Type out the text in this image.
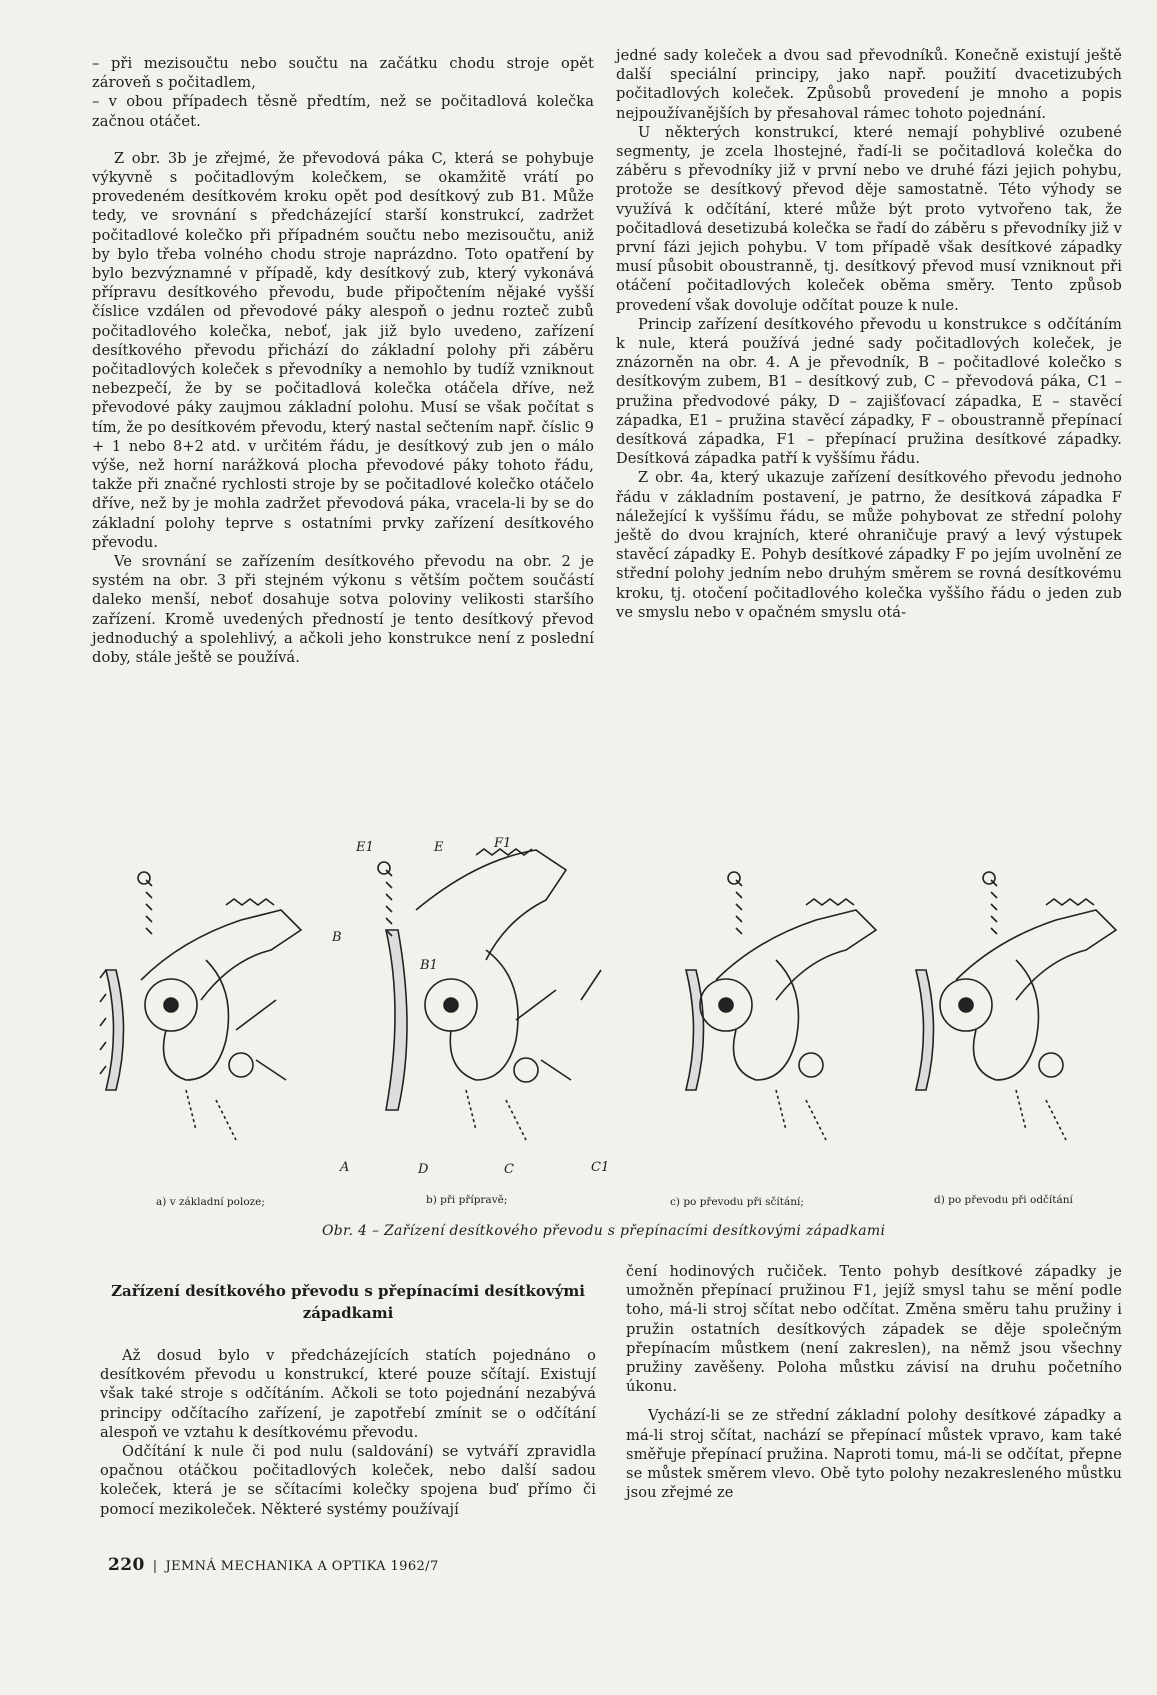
– při mezisoučtu nebo součtu na začátku chodu stroje opět zároveň s počitadlem,
– v obou případech těsně předtím, než se počitadlová kolečka začnou otáčet.

Z obr. 3b je zřejmé, že převodová páka C, která se pohybuje výkyvně s počitadlovým kolečkem, se okamžitě vrátí po provedeném desítkovém kroku opět pod desítkový zub B1. Může tedy, ve srovnání s předcházející starší konstrukcí, zadržet počitadlové kolečko při případném součtu nebo mezisoučtu, aniž by bylo třeba volného chodu stroje naprázdno. Toto opatření by bylo bezvýznamné v případě, kdy desítkový zub, který vykonává přípravu desítkového převodu, bude připočtením nějaké vyšší číslice vzdálen od převodové páky alespoň o jednu rozteč zubů počitadlového kolečka, neboť, jak již bylo uvedeno, zařízení desítkového převodu přichází do základní polohy při záběru počitadlových koleček s převodníky a nemohlo by tudíž vzniknout nebezpečí, že by se počitadlová kolečka otáčela dříve, než převodové páky zaujmou základní polohu. Musí se však počítat s tím, že po desítkovém převodu, který nastal sečtením např. číslic 9 + 1 nebo 8+2 atd. v určitém řádu, je desítkový zub jen o málo výše, než horní narážková plocha převodové páky tohoto řádu, takže při značné rychlosti stroje by se počitadlové kolečko otáčelo dříve, než by je mohla zadržet převodová páka, vracela-li by se do základní polohy teprve s ostatními prvky zařízení desítkového převodu.

Ve srovnání se zařízením desítkového převodu na obr. 2 je systém na obr. 3 při stejném výkonu s větším počtem součástí daleko menší, neboť dosahuje sotva poloviny velikosti staršího zařízení. Kromě uvedených předností je tento desítkový převod jednoduchý a spolehlivý, a ačkoli jeho konstrukce není z poslední doby, stále ještě se používá.

jedné sady koleček a dvou sad převodníků. Konečně existují ještě další speciální principy, jako např. použití dvacetizubých počitadlových koleček. Způsobů provedení je mnoho a popis nejpoužívanějších by přesahoval rámec tohoto pojednání.

U některých konstrukcí, které nemají pohyblivé ozubené segmenty, je zcela lhostejné, řadí-li se počitadlová kolečka do záběru s převodníky již v první nebo ve druhé fázi jejich pohybu, protože se desítkový převod děje samostatně. Této výhody se využívá k odčítání, které může být proto vytvořeno tak, že počitadlová desetizubá kolečka se řadí do záběru s převodníky již v první fázi jejich pohybu. V tom případě však desítkové západky musí působit oboustranně, tj. desítkový převod musí vzniknout při otáčení počitadlových koleček oběma směry. Tento způsob provedení však dovoluje odčítat pouze k nule.

Princip zařízení desítkového převodu u konstrukce s odčítáním k nule, která používá jedné sady počitadlových koleček, je znázorněn na obr. 4. A je převodník, B – počitadlové kolečko s desítkovým zubem, B1 – desítkový zub, C – převodová páka, C1 – pružina předvodové páky, D – zajišťovací západka, E – stavěcí západka, E1 – pružina stavěcí západky, F – oboustranně přepínací desítková západka, F1 – přepínací pružina desítkové západky. Desítková západka patří k vyššímu řádu.

Z obr. 4a, který ukazuje zařízení desítkového převodu jednoho řádu v základním postavení, je patrno, že desítková západka F náležející k vyššímu řádu, se může pohybovat ze střední polohy ještě do dvou krajních, které ohraničuje pravý a levý výstupek stavěcí západky E. Pohyb desítkové západky F po jejím uvolnění ze střední polohy jedním nebo druhým směrem se rovná desítkovému kroku, tj. otočení počitadlového kolečka vyššího řádu o jeden zub ve smyslu nebo v opačném smyslu otá-

E1	E	F1
B
B1
A	D	C	C1
a) v základní poloze;	b) při přípravě;	c) po převodu při sčítání;	d) po převodu při odčítání
Obr. 4 – Zařízení desítkového převodu s přepínacími desítkovými západkami
Zařízení desítkového převodu s přepínacími desítkovými západkami

Až dosud bylo v předcházejících statích pojednáno o desítkovém převodu u konstrukcí, které pouze sčítají. Existují však také stroje s odčítáním. Ačkoli se toto pojednání nezabývá principy odčítacího zařízení, je zapotřebí zmínit se o odčítání alespoň ve vztahu k desítkovému převodu.

Odčítání k nule či pod nulu (saldování) se vytváří zpravidla opačnou otáčkou počitadlových koleček, nebo další sadou koleček, která je se sčítacími kolečky spojena buď přímo či pomocí mezikoleček. Některé systémy používají

čení hodinových ručiček. Tento pohyb desítkové západky je umožněn přepínací pružinou F1, jejíž smysl tahu se mění podle toho, má-li stroj sčítat nebo odčítat. Změna směru tahu pružiny i pružin ostatních desítkových západek se děje společným přepínacím můstkem (není zakreslen), na němž jsou všechny pružiny zavěšeny. Poloha můstku závisí na druhu početního úkonu.

Vychází-li se ze střední základní polohy desítkové západky a má-li stroj sčítat, nachází se přepínací můstek vpravo, kam také směřuje přepínací pružina. Naproti tomu, má-li se odčítat, přepne se můstek směrem vlevo. Obě tyto polohy nezakresleného můstku jsou zřejmé ze

220 | JEMNÁ MECHANIKA A OPTIKA 1962/7
